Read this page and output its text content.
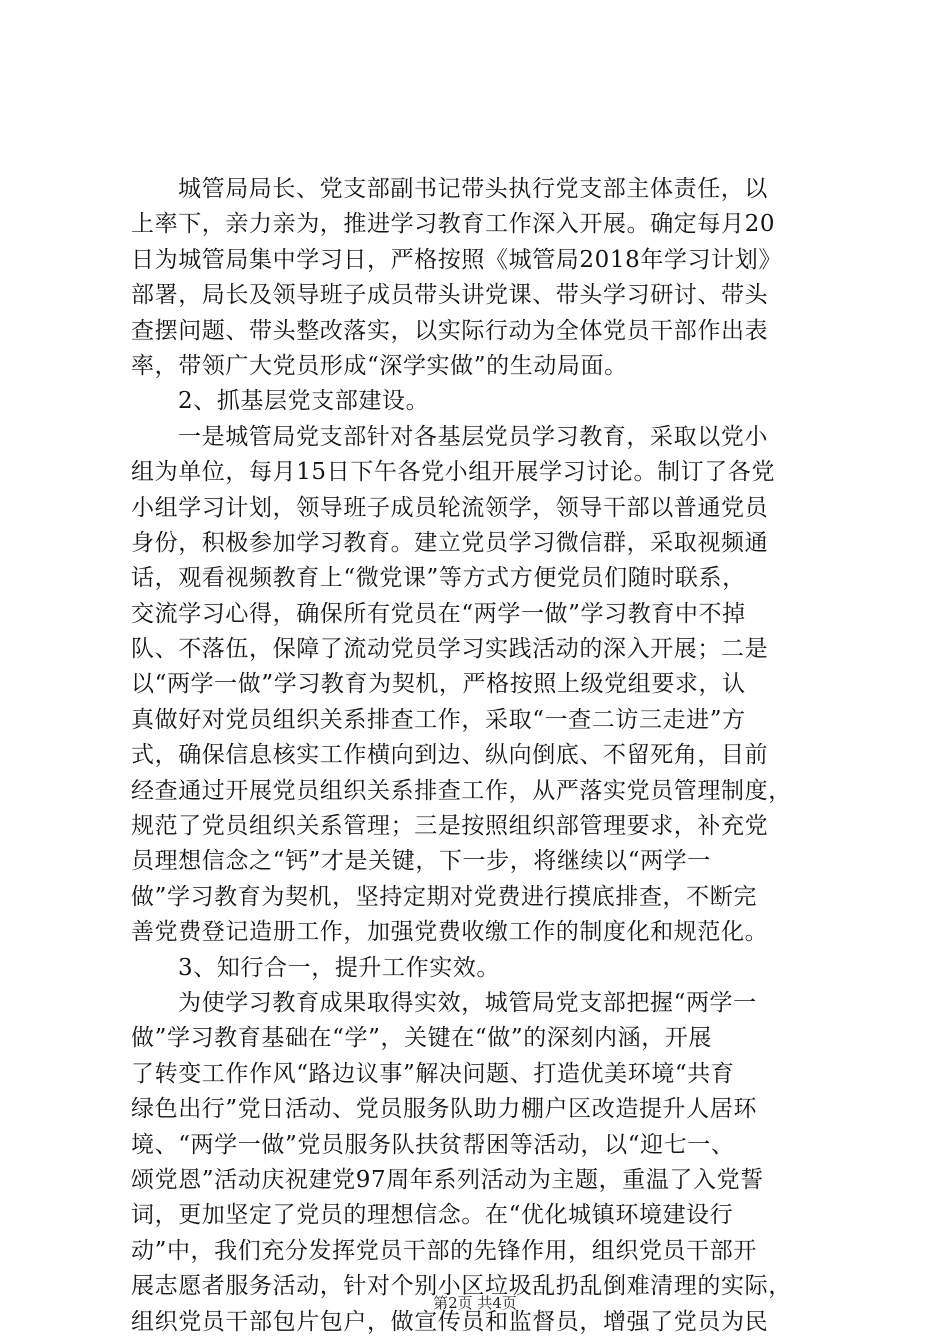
城管局局长、党支部副书记带头执行党支部主体责任，以
上率下，亲力亲为，推进学习教育工作深入开展。确定每月20
日为城管局集中学习日，严格按照《城管局2018年学习计划》
部署，局长及领导班子成员带头讲党课、带头学习研讨、带头
查摆问题、带头整改落实，以实际行动为全体党员干部作出表
率，带领广大党员形成“深学实做”的生动局面。
2、抓基层党支部建设。
一是城管局党支部针对各基层党员学习教育，采取以党小
组为单位，每月15日下午各党小组开展学习讨论。制订了各党
小组学习计划，领导班子成员轮流领学，领导干部以普通党员
身份，积极参加学习教育。建立党员学习微信群，采取视频通
话，观看视频教育上“微党课”等方式方便党员们随时联系，
交流学习心得，确保所有党员在“两学一做”学习教育中不掉
队、不落伍，保障了流动党员学习实践活动的深入开展；二是
以“两学一做”学习教育为契机，严格按照上级党组要求，认
真做好对党员组织关系排查工作，采取“一查二访三走进”方
式，确保信息核实工作横向到边、纵向倒底、不留死角，目前
经查通过开展党员组织关系排查工作，从严落实党员管理制度，
规范了党员组织关系管理；三是按照组织部管理要求，补充党
员理想信念之“钙”才是关键，下一步，将继续以“两学一
做”学习教育为契机，坚持定期对党费进行摸底排查，不断完
善党费登记造册工作，加强党费收缴工作的制度化和规范化。
3、知行合一，提升工作实效。
为使学习教育成果取得实效，城管局党支部把握“两学一
做”学习教育基础在“学”，关键在“做”的深刻内涵，开展
了转变工作作风“路边议事”解决问题、打造优美环境“共育
绿色出行”党日活动、党员服务队助力棚户区改造提升人居环
境、“两学一做”党员服务队扶贫帮困等活动，以“迎七一、
颂党恩”活动庆祝建党97周年系列活动为主题，重温了入党誓
词，更加坚定了党员的理想信念。在“优化城镇环境建设行
动”中，我们充分发挥党员干部的先锋作用，组织党员干部开
展志愿者服务活动，针对个别小区垃圾乱扔乱倒难清理的实际，
组织党员干部包片包户，做宣传员和监督员，增强了党员为民
第2页 共4页
